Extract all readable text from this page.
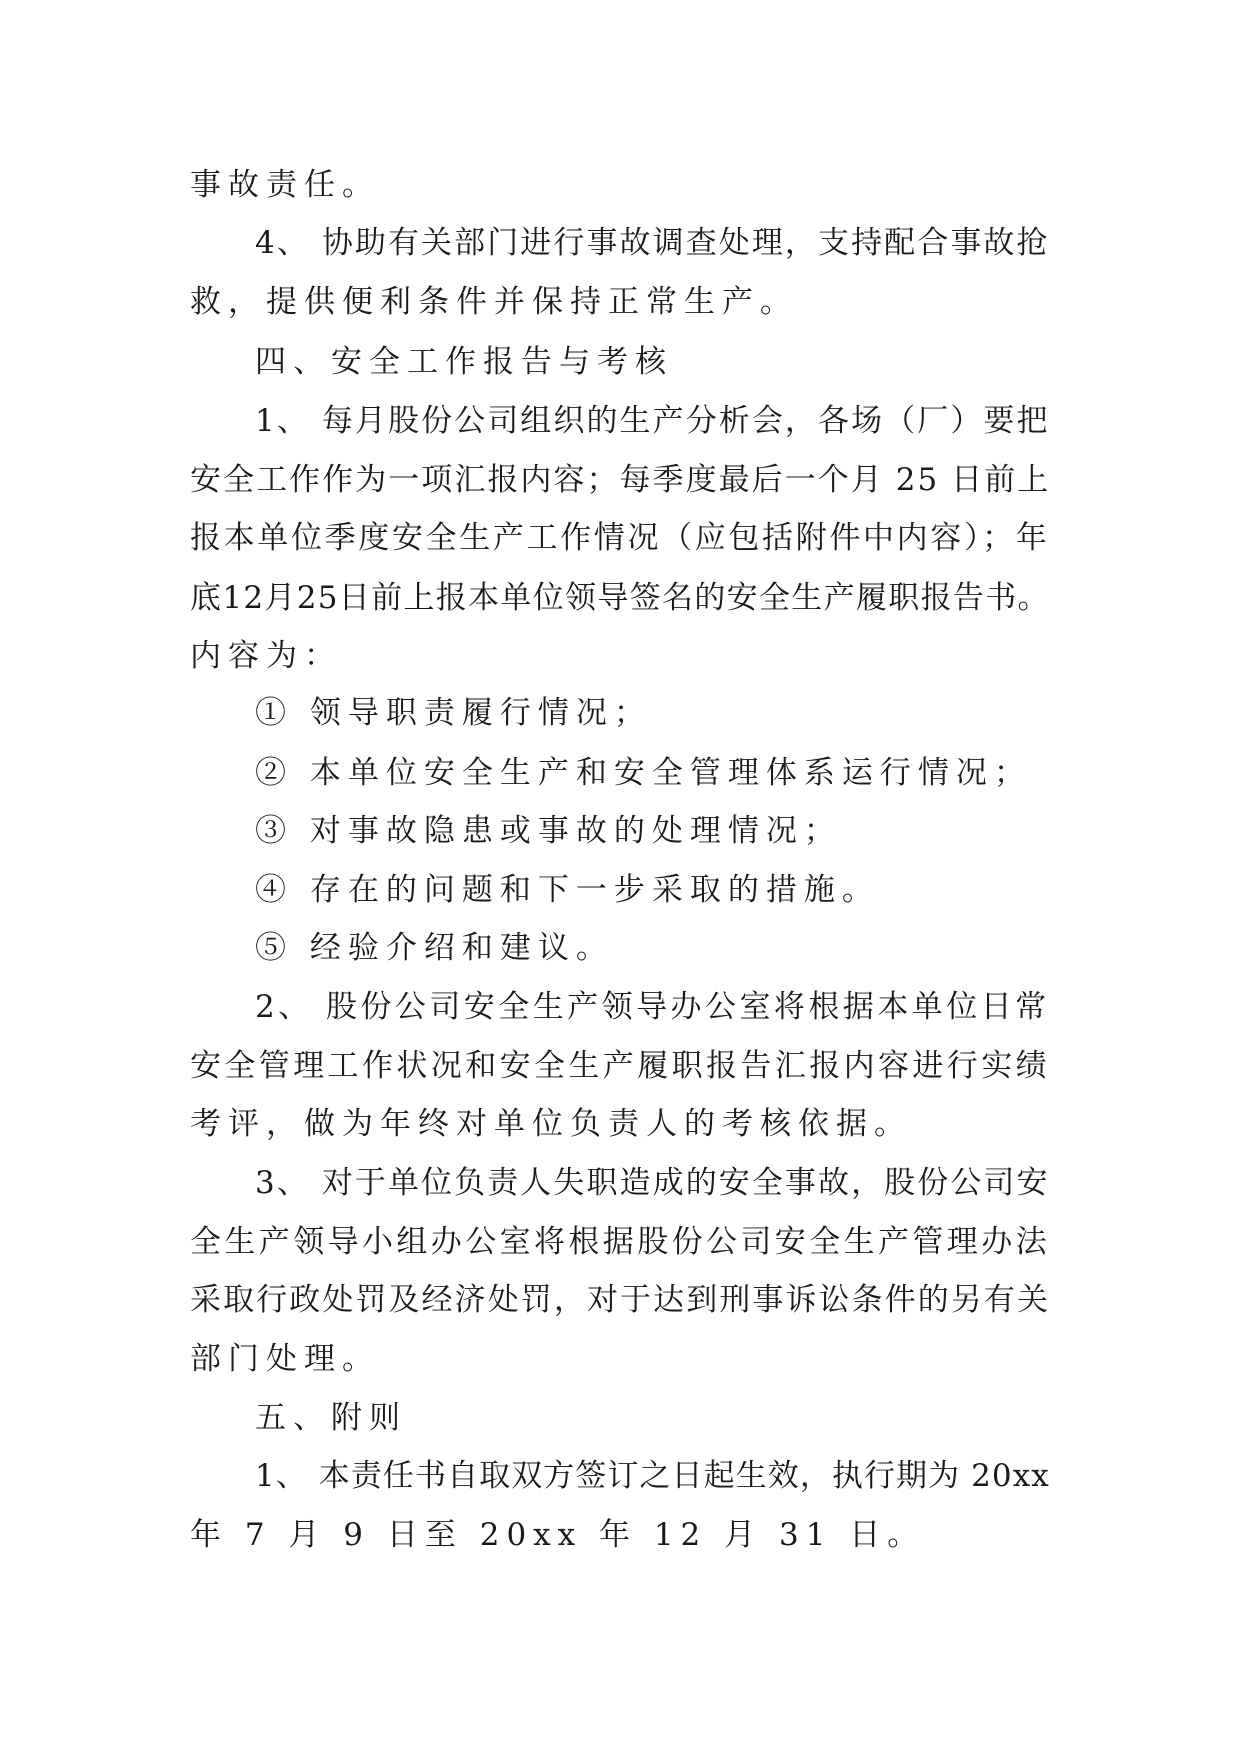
事故责任。
4、 协助有关部门进行事故调查处理，支持配合事故抢
救，提供便利条件并保持正常生产。
四、安全工作报告与考核
1、 每月股份公司组织的生产分析会，各场（厂）要把
安全工作作为一项汇报内容；每季度最后一个月 25 日前上
报本单位季度安全生产工作情况（应包括附件中内容）；年
底12月25日前上报本单位领导签名的安全生产履职报告书。
内容为：
① 领导职责履行情况；
② 本单位安全生产和安全管理体系运行情况；
③ 对事故隐患或事故的处理情况；
④ 存在的问题和下一步采取的措施。
⑤ 经验介绍和建议。
2、 股份公司安全生产领导办公室将根据本单位日常
安全管理工作状况和安全生产履职报告汇报内容进行实绩
考评，做为年终对单位负责人的考核依据。
3、 对于单位负责人失职造成的安全事故，股份公司安
全生产领导小组办公室将根据股份公司安全生产管理办法
采取行政处罚及经济处罚，对于达到刑事诉讼条件的另有关
部门处理。
五、附则
1、 本责任书自取双方签订之日起生效，执行期为 20xx
年 7 月 9 日至 20xx 年 12 月 31 日。
